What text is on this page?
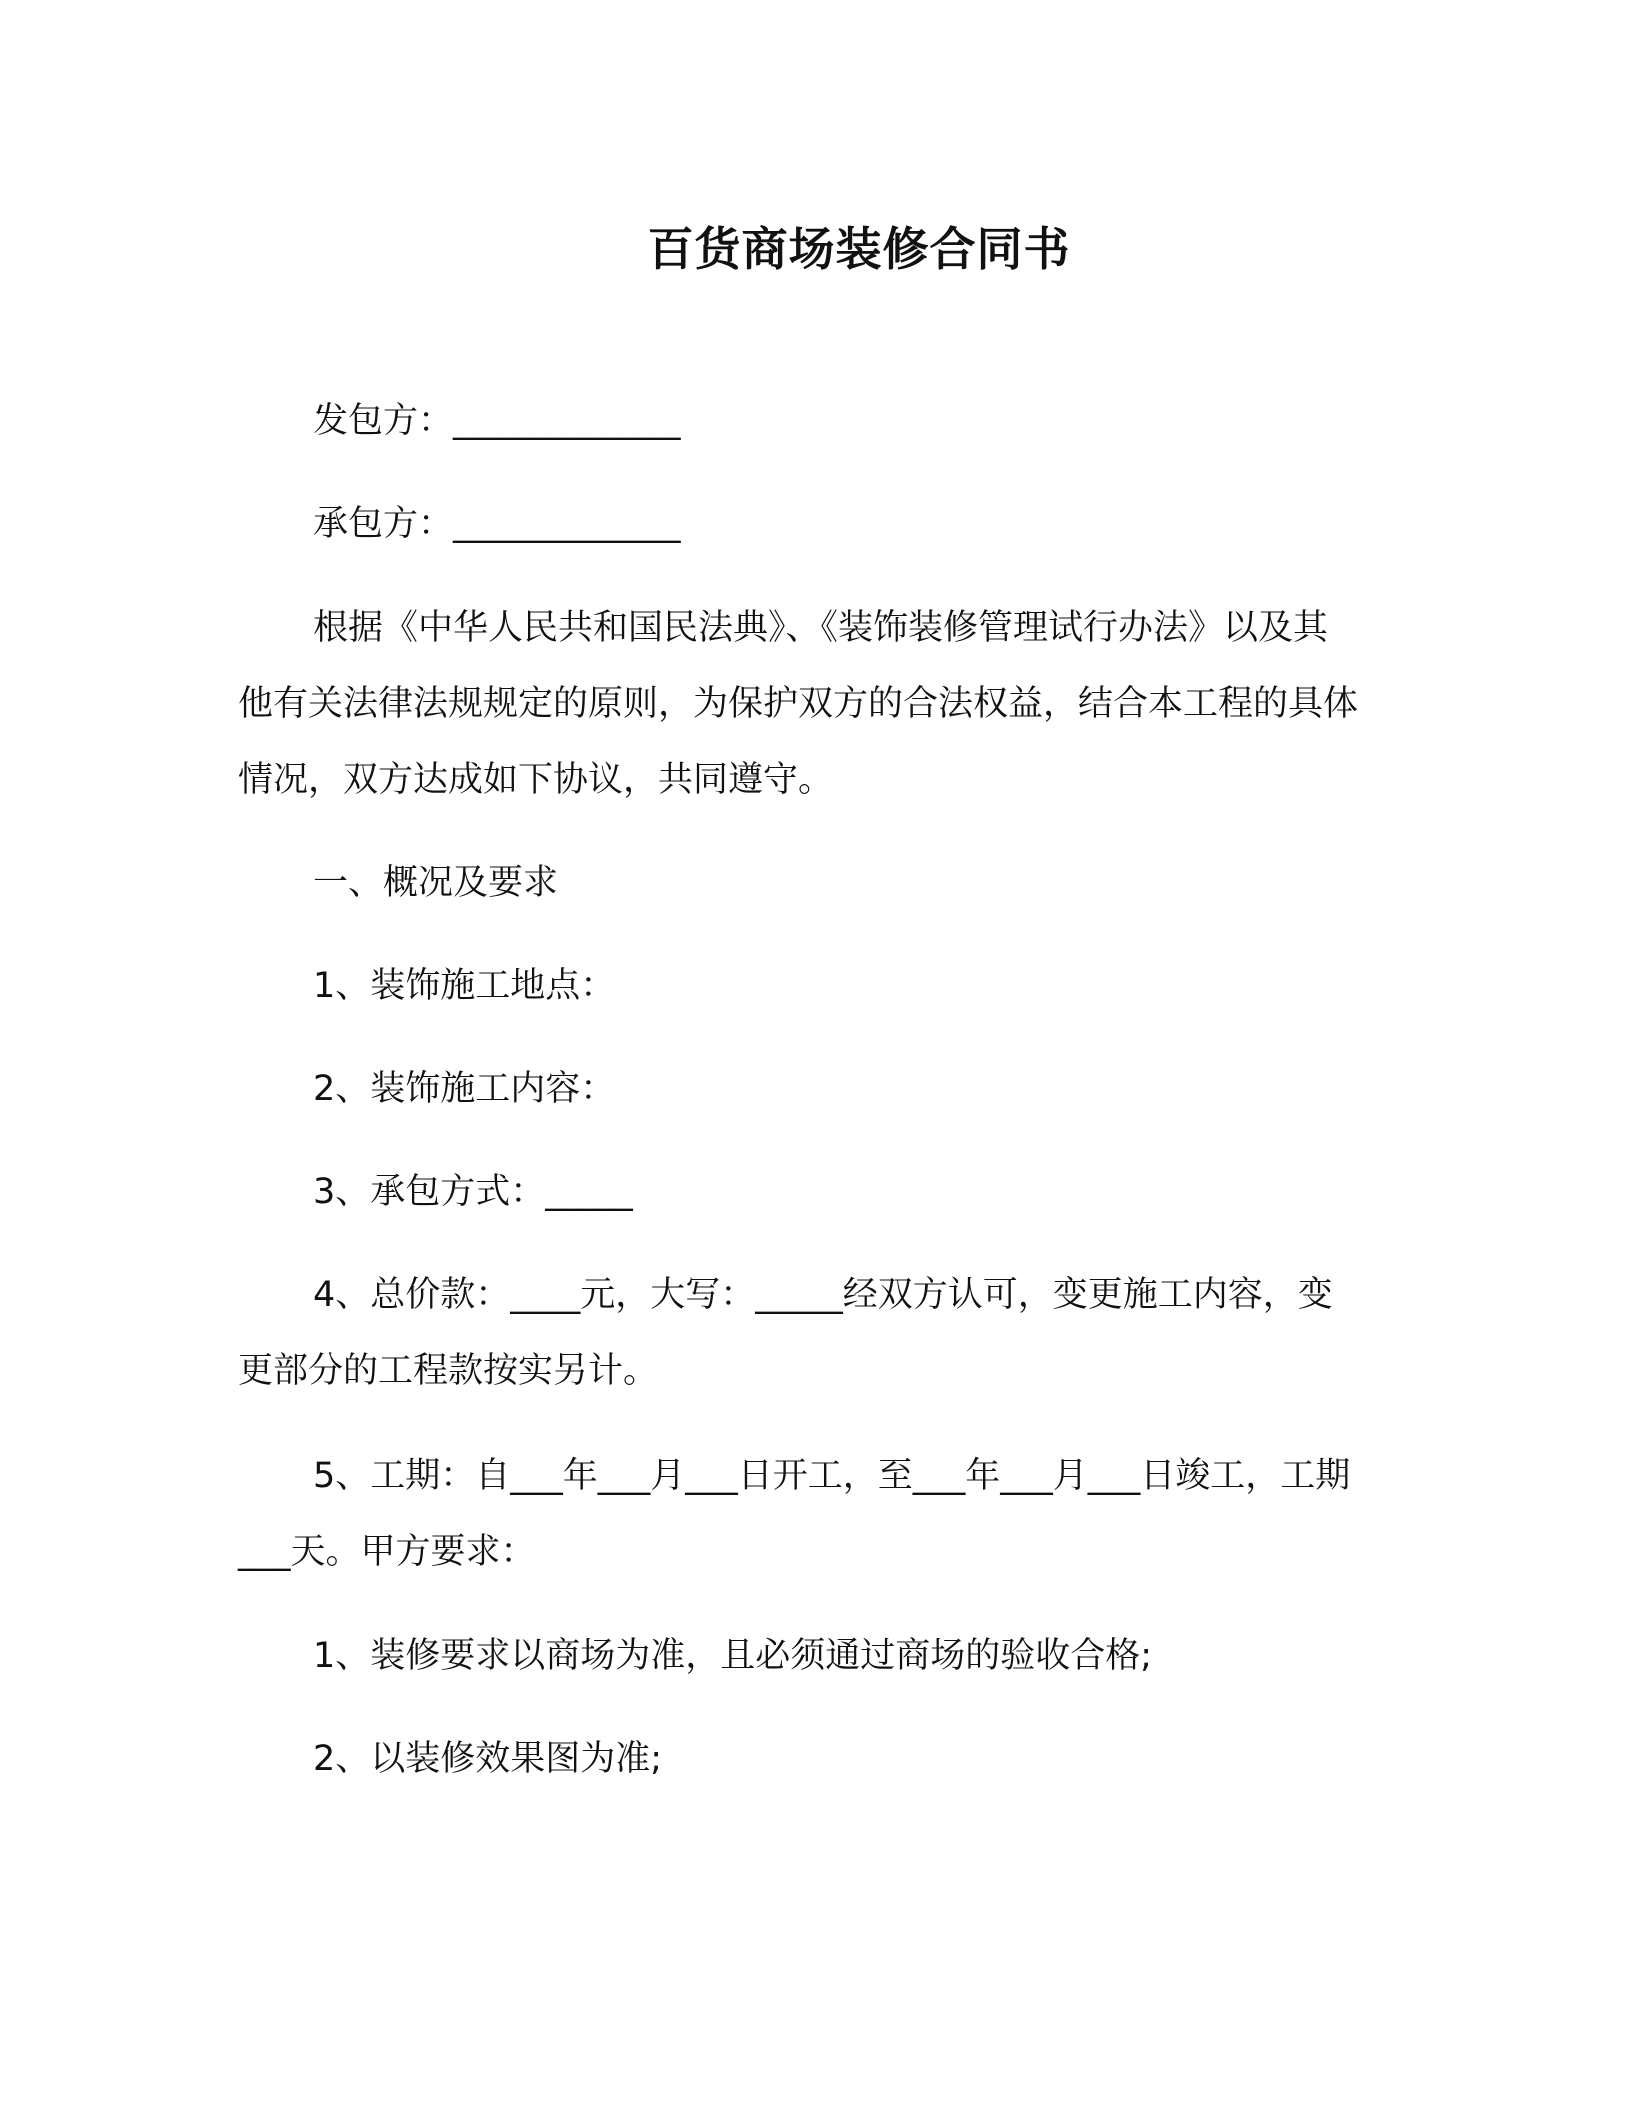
百货商场装修合同书

发包方：_____________

承包方：_____________

根据《中华人民共和国民法典》、《装饰装修管理试行办法》以及其他有关法律法规规定的原则，为保护双方的合法权益，结合本工程的具体情况，双方达成如下协议，共同遵守。

一、概况及要求

1、装饰施工地点：

2、装饰施工内容：

3、承包方式：_____

4、总价款：____元，大写：_____经双方认可，变更施工内容，变更部分的工程款按实另计。

5、工期：自___年___月___日开工，至___年___月___日竣工，工期___天。甲方要求：

1、装修要求以商场为准，且必须通过商场的验收合格;

2、以装修效果图为准;
